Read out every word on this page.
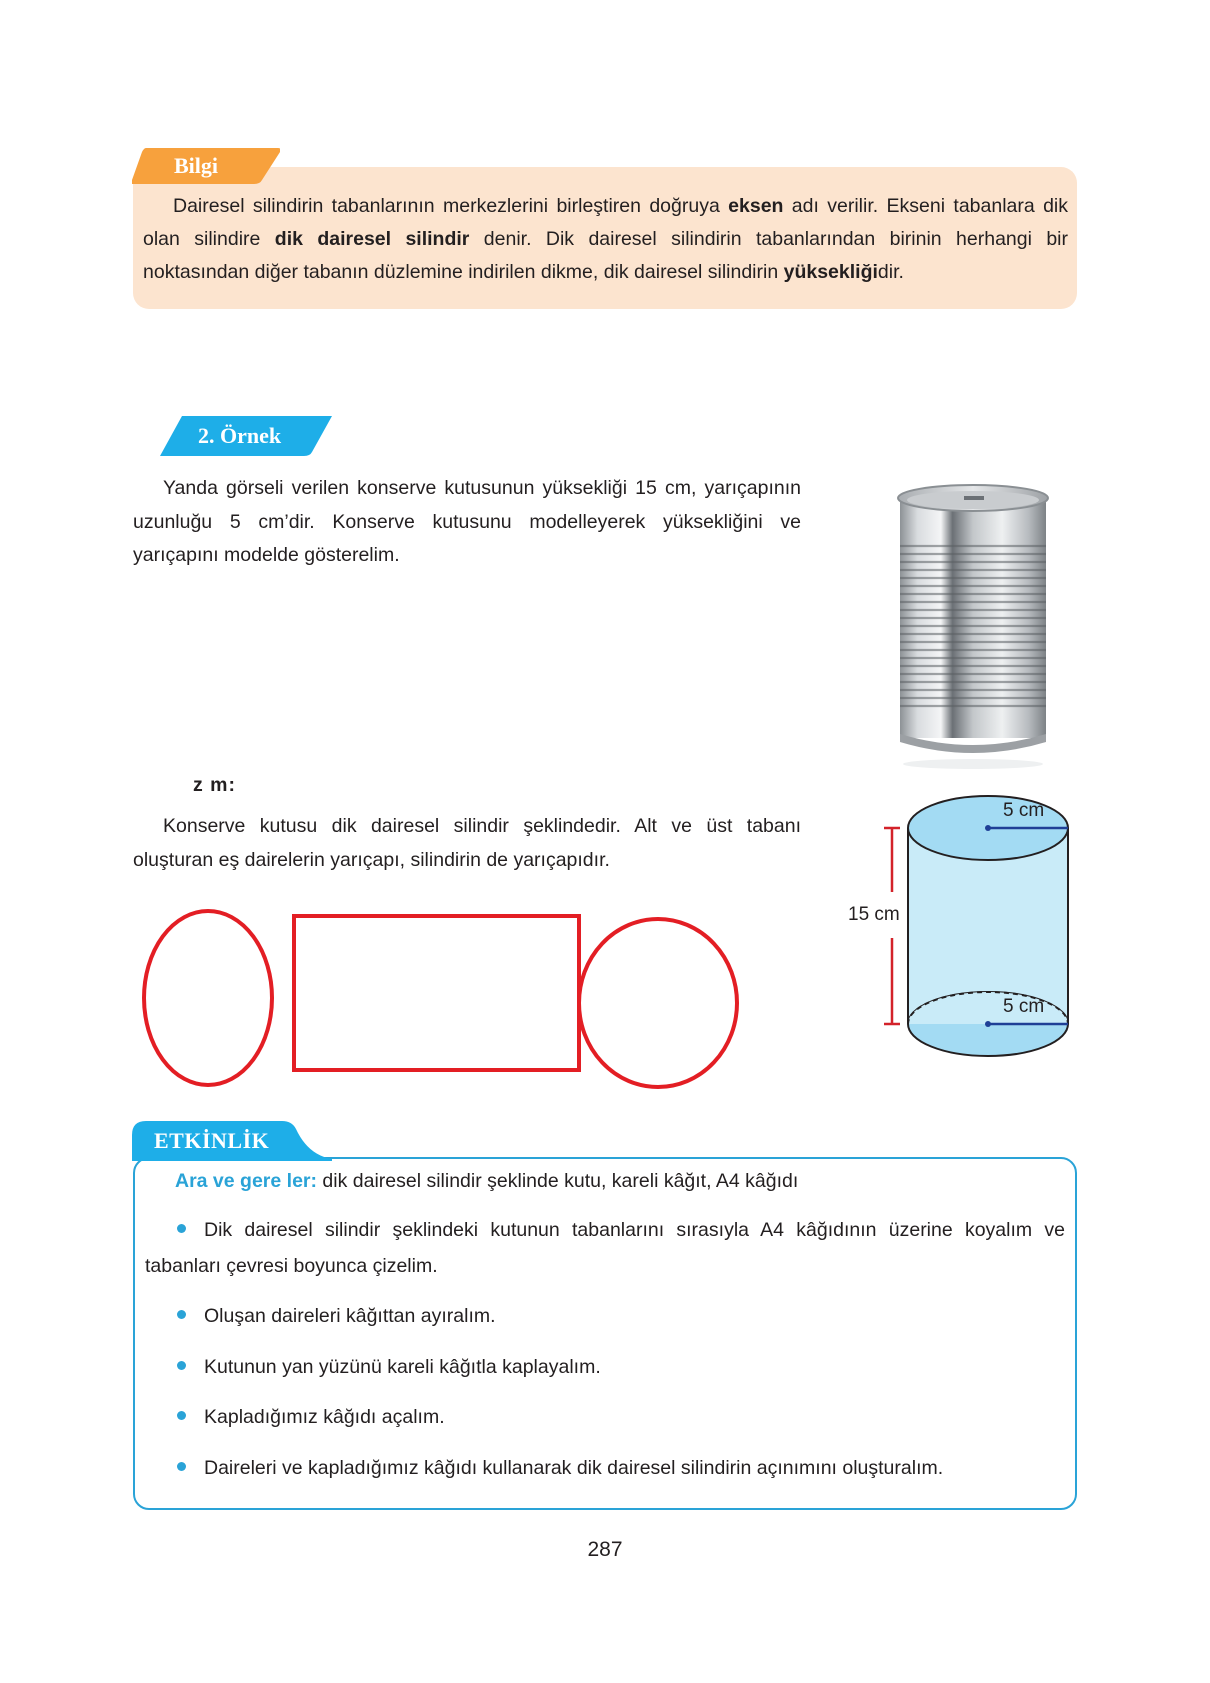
Bilgi
Dairesel silindirin tabanlarının merkezlerini birleştiren doğruya eksen adı verilir. Ekseni tabanlara dik olan silindire dik dairesel silindir denir. Dik dairesel silindirin tabanlarından birinin herhangi bir noktasından diğer tabanın düzlemine indirilen dikme, dik dairesel silindirin yüksekliğidir.
2. Örnek
Yanda görseli verilen konserve kutusunun yüksekliği 15 cm, yarıçapının uzunluğu 5 cm’dir. Konserve kutusunu modelleyerek yüksekliğini ve yarıçapını modelde gösterelim.
z m:
Konserve kutusu dik dairesel silindir şeklindedir. Alt ve üst tabanı oluşturan eş dairelerin yarıçapı, silindirin de yarıçapıdır.
5 cm
5 cm
15 cm
ETKİNLİK
Ara ve gere ler: dik dairesel silindir şeklinde kutu, kareli kâğıt, A4 kâğıdı
Dik dairesel silindir şeklindeki kutunun tabanlarını sırasıyla A4 kâğıdının üzerine koyalım ve tabanları çevresi boyunca çizelim.
Oluşan daireleri kâğıttan ayıralım.
Kutunun yan yüzünü kareli kâğıtla kaplayalım.
Kapladığımız kâğıdı açalım.
Daireleri ve kapladığımız kâğıdı kullanarak dik dairesel silindirin açınımını oluşturalım.
287
